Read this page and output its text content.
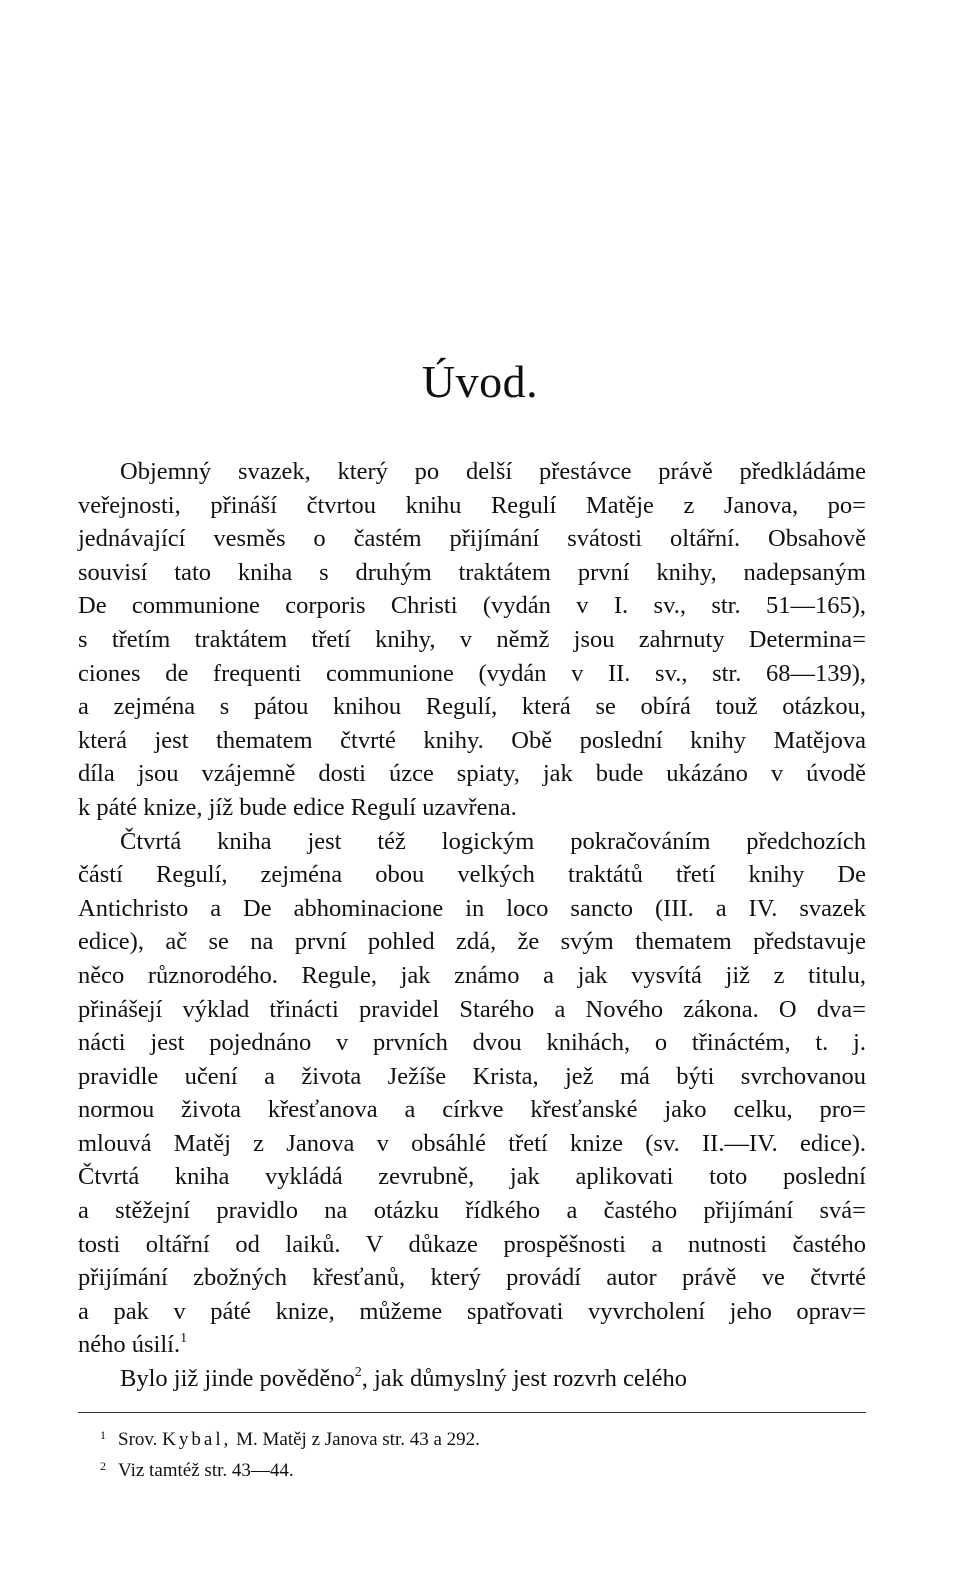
Úvod.
Objemný svazek, který po delší přestávce právě předkládáme
veřejnosti, přináší čtvrtou knihu Regulí Matěje z Janova, po=
jednávající vesměs o častém přijímání svátosti oltářní. Obsahově
souvisí tato kniha s druhým traktátem první knihy, nadepsaným
De communione corporis Christi (vydán v I. sv., str. 51—165),
s třetím traktátem třetí knihy, v němž jsou zahrnuty Determina=
ciones de frequenti communione (vydán v II. sv., str. 68—139),
a zejména s pátou knihou Regulí, která se obírá touž otázkou,
která jest thematem čtvrté knihy. Obě poslední knihy Matějova
díla jsou vzájemně dosti úzce spiaty, jak bude ukázáno v úvodě
k páté knize, jíž bude edice Regulí uzavřena.
Čtvrtá kniha jest též logickým pokračováním předchozích
částí Regulí, zejména obou velkých traktátů třetí knihy De
Antichristo a De abhominacione in loco sancto (III. a IV. svazek
edice), ač se na první pohled zdá, že svým thematem představuje
něco různorodého. Regule, jak známo a jak vysvítá již z titulu,
přinášejí výklad třinácti pravidel Starého a Nového zákona. O dva=
nácti jest pojednáno v prvních dvou knihách, o třináctém, t. j.
pravidle učení a života Ježíše Krista, jež má býti svrchovanou
normou života křesťanova a církve křesťanské jako celku, pro=
mlouvá Matěj z Janova v obsáhlé třetí knize (sv. II.—IV. edice).
Čtvrtá kniha vykládá zevrubně, jak aplikovati toto poslední
a stěžejní pravidlo na otázku řídkého a častého přijímání svá=
tosti oltářní od laiků. V důkaze prospěšnosti a nutnosti častého
přijímání zbožných křesťanů, který provádí autor právě ve čtvrté
a pak v páté knize, můžeme spatřovati vyvrcholení jeho oprav=
ného úsilí.$^1$
Bylo již jinde pověděno$^2$, jak důmyslný jest rozvrh celého
1 Srov. Kybal, M. Matěj z Janova str. 43 a 292.
2 Viz tamtéž str. 43—44.
